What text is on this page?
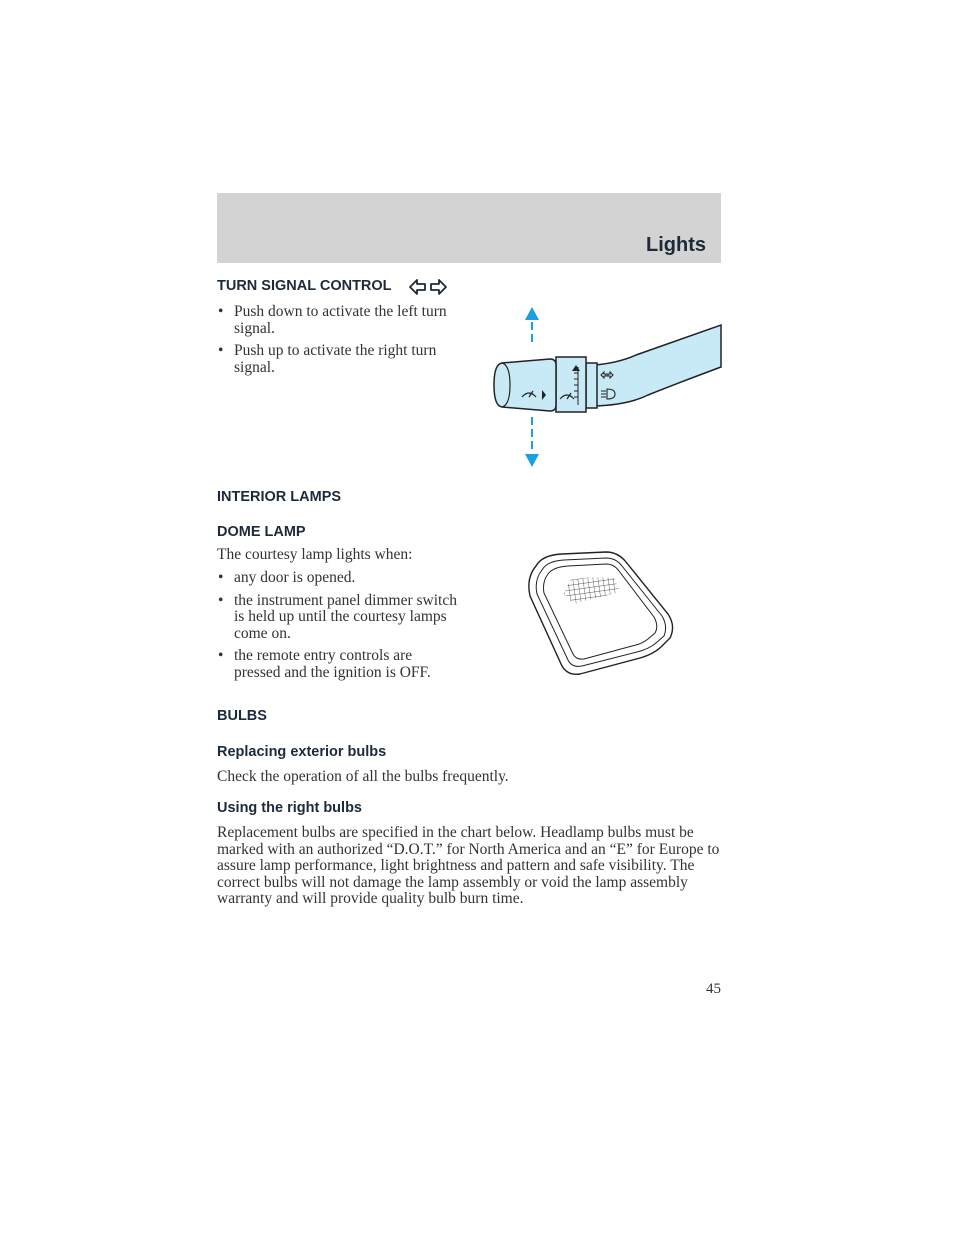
Lights
TURN SIGNAL CONTROL
• Push down to activate the left turn signal.
• Push up to activate the right turn signal.
INTERIOR LAMPS
DOME LAMP

The courtesy lamp lights when:

• any door is opened.
• the instrument panel dimmer switch is held up until the courtesy lamps come on.
• the remote entry controls are pressed and the ignition is OFF.
BULBS
Replacing exterior bulbs

Check the operation of all the bulbs frequently.

Using the right bulbs

Replacement bulbs are specified in the chart below. Headlamp bulbs must be marked with an authorized “D.O.T.” for North America and an “E” for Europe to assure lamp performance, light brightness and pattern and safe visibility. The correct bulbs will not damage the lamp assembly or void the lamp assembly warranty and will provide quality bulb burn time.

45
